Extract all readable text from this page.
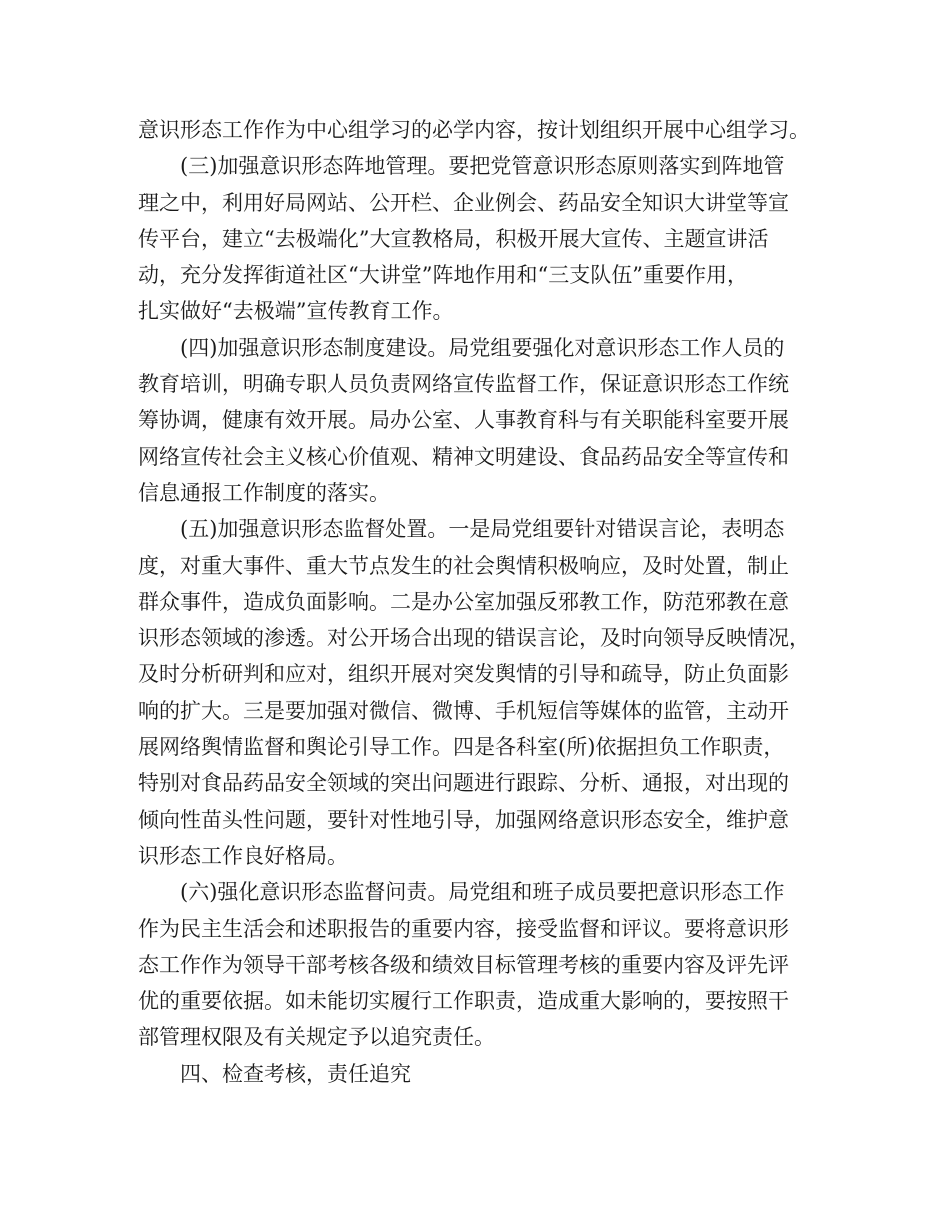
意识形态工作作为中心组学习的必学内容，按计划组织开展中心组学习。
(三)加强意识形态阵地管理。要把党管意识形态原则落实到阵地管
理之中，利用好局网站、公开栏、企业例会、药品安全知识大讲堂等宣
传平台，建立“去极端化”大宣教格局，积极开展大宣传、主题宣讲活
动，充分发挥街道社区“大讲堂”阵地作用和“三支队伍”重要作用，
扎实做好“去极端”宣传教育工作。
(四)加强意识形态制度建设。局党组要强化对意识形态工作人员的
教育培训，明确专职人员负责网络宣传监督工作，保证意识形态工作统
筹协调，健康有效开展。局办公室、人事教育科与有关职能科室要开展
网络宣传社会主义核心价值观、精神文明建设、食品药品安全等宣传和
信息通报工作制度的落实。
(五)加强意识形态监督处置。一是局党组要针对错误言论，表明态
度，对重大事件、重大节点发生的社会舆情积极响应，及时处置，制止
群众事件，造成负面影响。二是办公室加强反邪教工作，防范邪教在意
识形态领域的渗透。对公开场合出现的错误言论，及时向领导反映情况，
及时分析研判和应对，组织开展对突发舆情的引导和疏导，防止负面影
响的扩大。三是要加强对微信、微博、手机短信等媒体的监管，主动开
展网络舆情监督和舆论引导工作。四是各科室(所)依据担负工作职责，
特别对食品药品安全领域的突出问题进行跟踪、分析、通报，对出现的
倾向性苗头性问题，要针对性地引导，加强网络意识形态安全，维护意
识形态工作良好格局。
(六)强化意识形态监督问责。局党组和班子成员要把意识形态工作
作为民主生活会和述职报告的重要内容，接受监督和评议。要将意识形
态工作作为领导干部考核各级和绩效目标管理考核的重要内容及评先评
优的重要依据。如未能切实履行工作职责，造成重大影响的，要按照干
部管理权限及有关规定予以追究责任。
四、检查考核，责任追究
